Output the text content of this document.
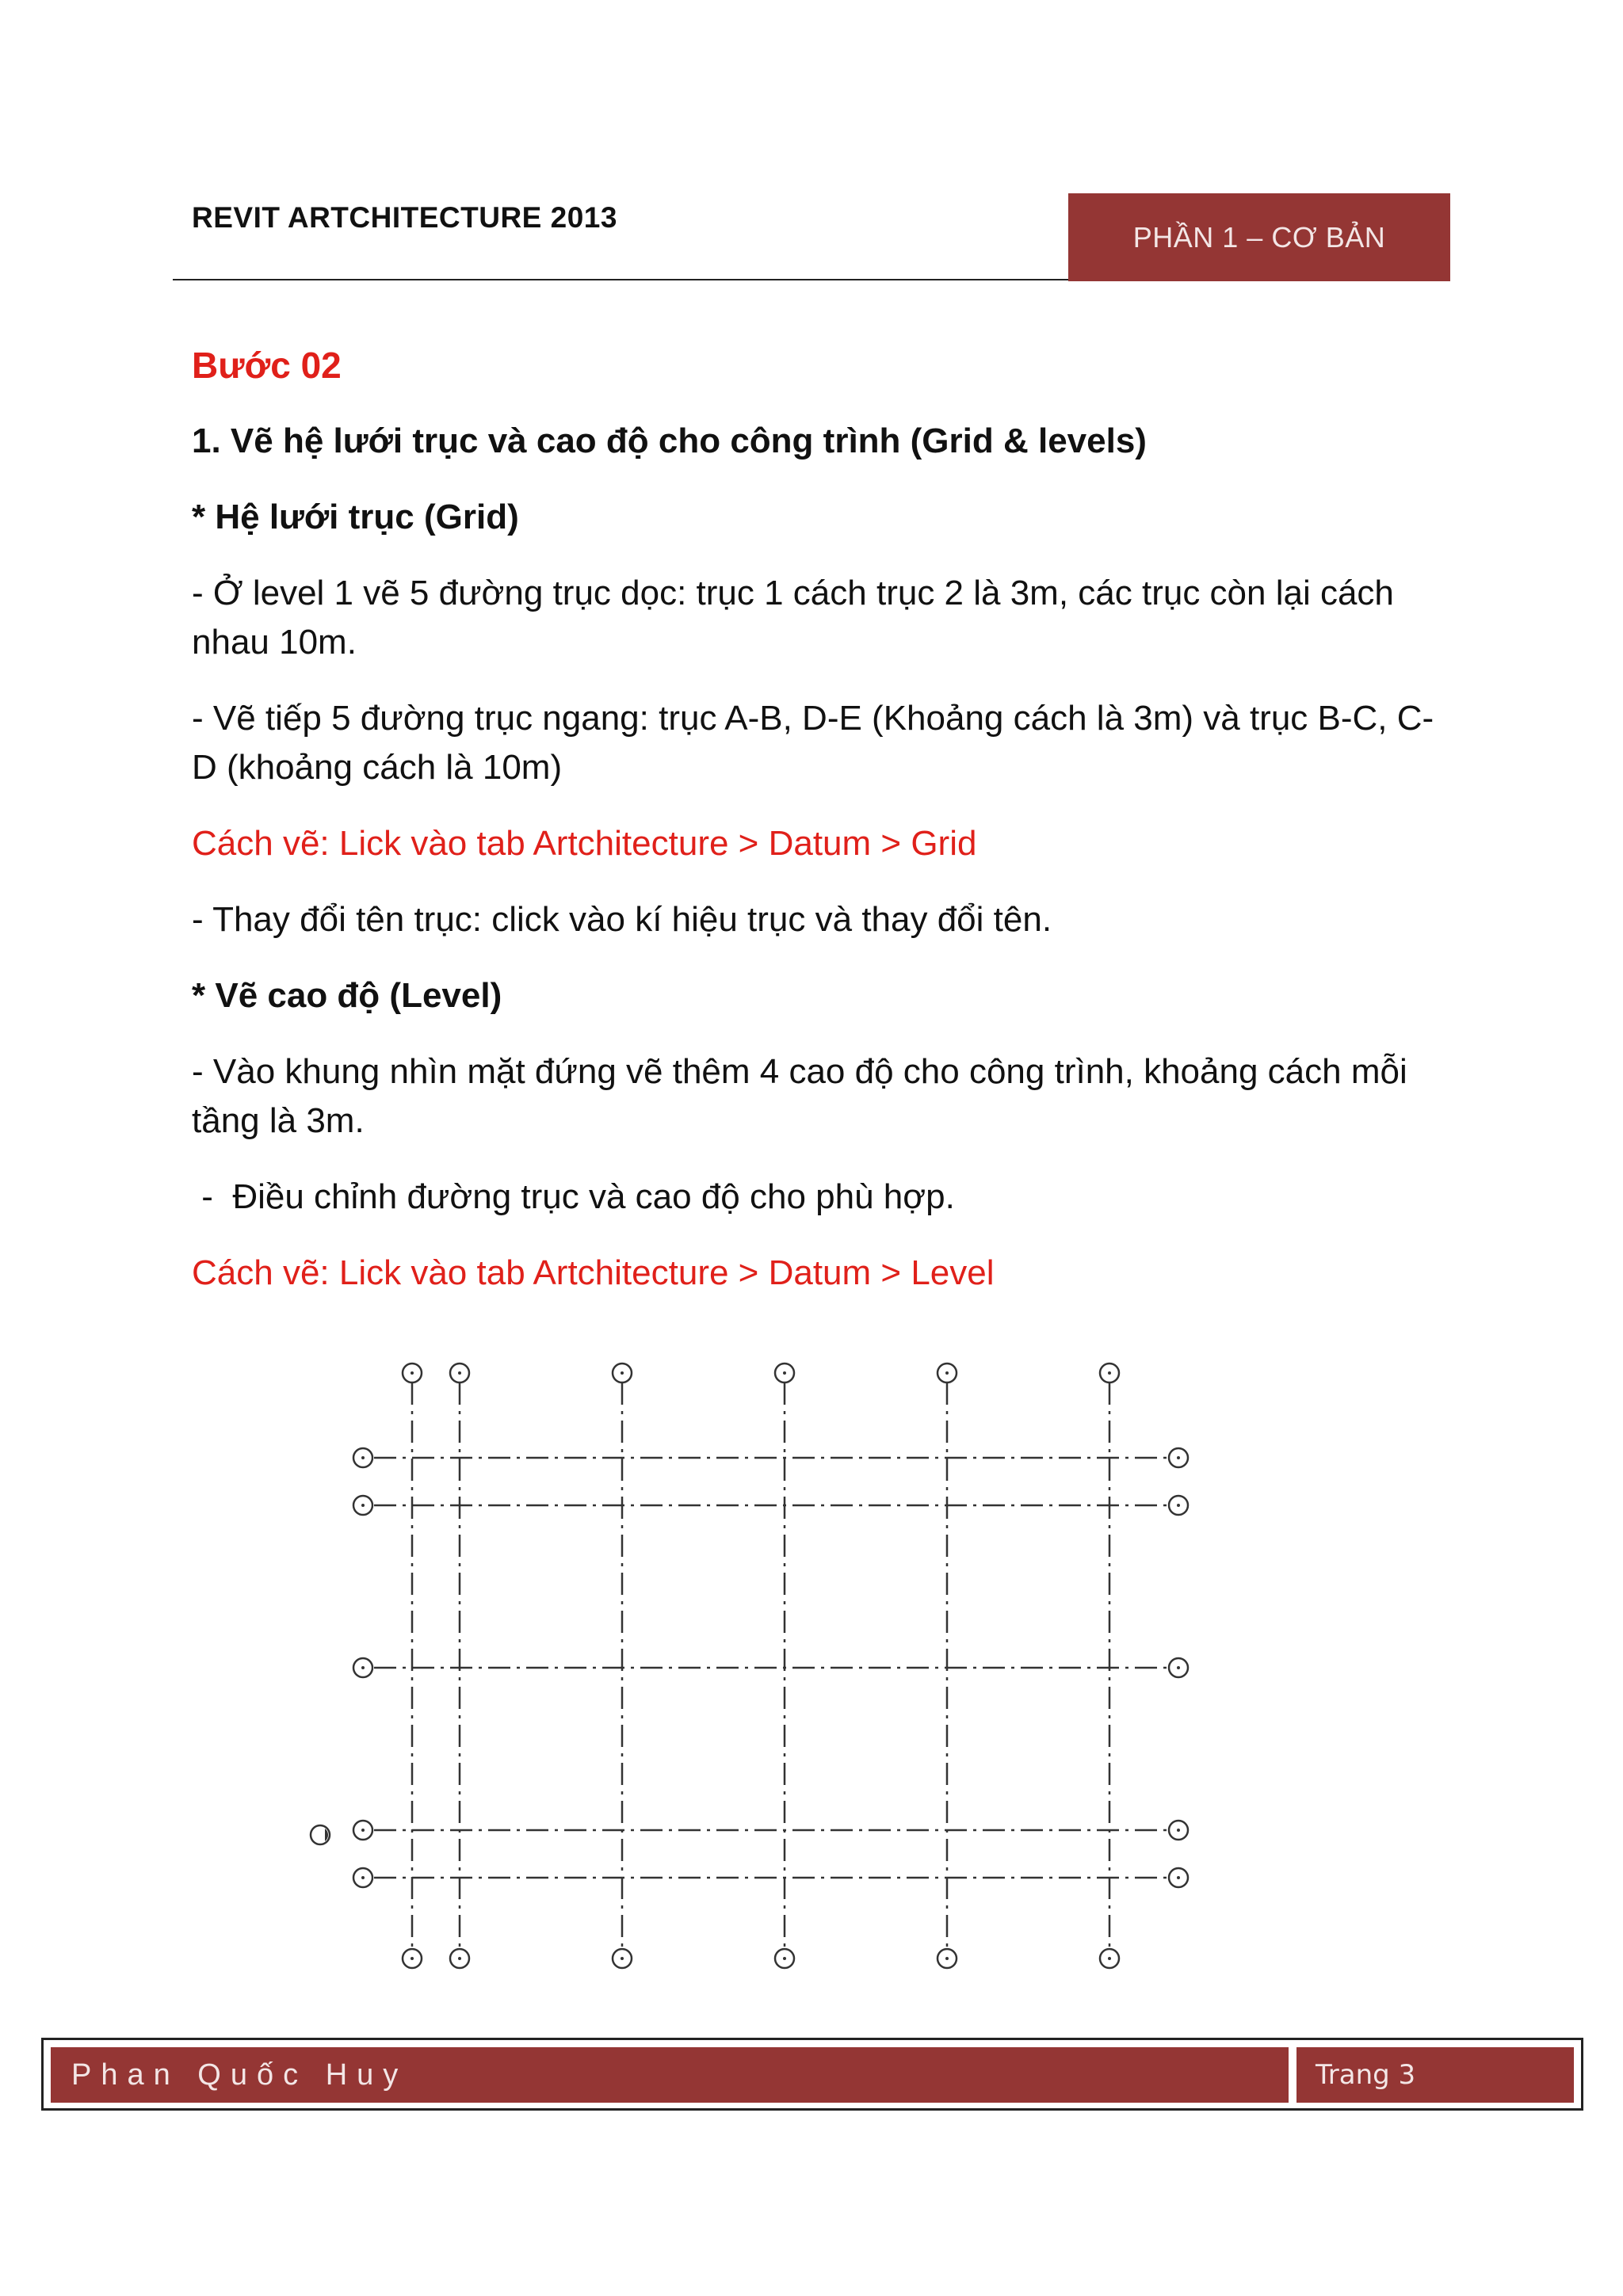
REVIT ARTCHITECTURE 2013
PHẦN 1 – CƠ BẢN

Bước 02

1. Vẽ hệ lưới trục và cao độ cho công trình (Grid & levels)

* Hệ lưới trục (Grid)

- Ở level 1 vẽ 5 đường trục dọc: trục 1 cách trục 2 là 3m, các trục còn lại cách nhau 10m.

- Vẽ tiếp 5 đường trục ngang: trục A-B, D-E (Khoảng cách là 3m) và trục B-C, C-D (khoảng cách là 10m)

Cách vẽ: Lick vào tab Artchitecture > Datum > Grid

- Thay đổi tên trục: click vào kí hiệu trục và thay đổi tên.

* Vẽ cao độ (Level)

- Vào khung nhìn mặt đứng vẽ thêm 4 cao độ cho công trình, khoảng cách mỗi tầng là 3m.

-  Điều chỉnh đường trục và cao độ cho phù hợp.

Cách vẽ: Lick vào tab Artchitecture > Datum > Level

Phan Quốc Huy	Trang 3
